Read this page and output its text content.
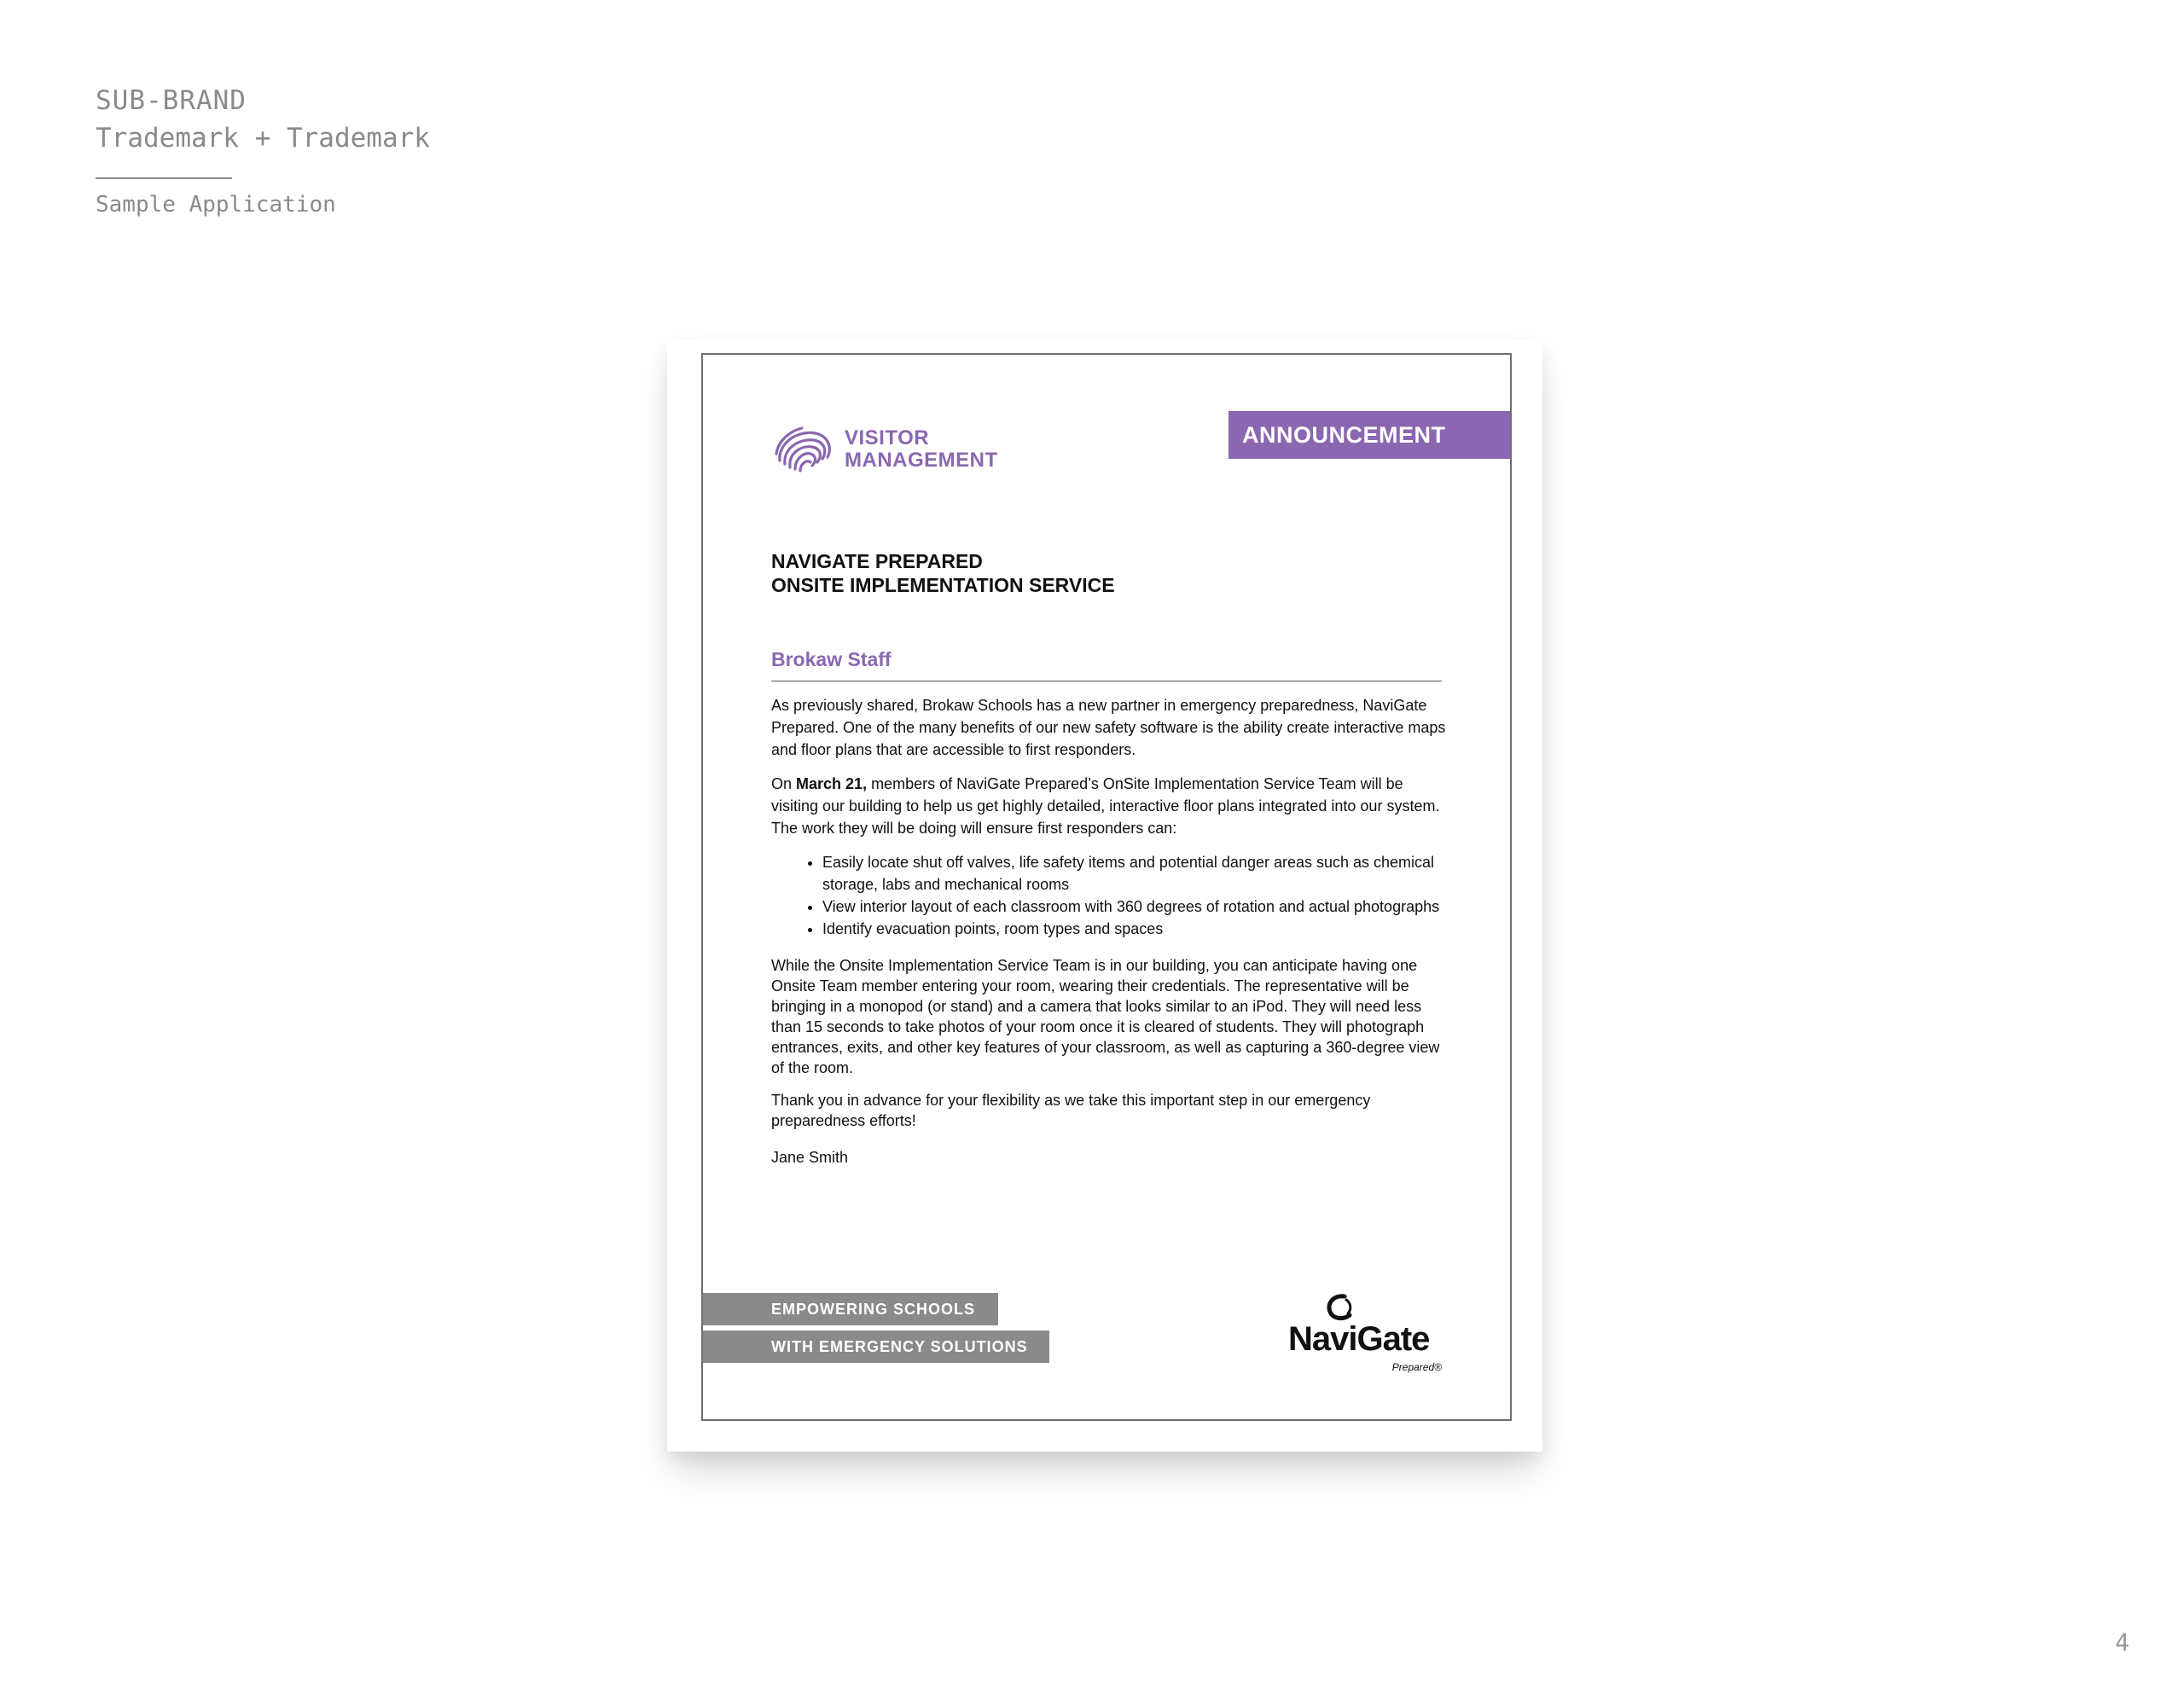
SUB-BRAND
Trademark + Trademark
Sample Application
VISITOR
MANAGEMENT
ANNOUNCEMENT
NAVIGATE PREPARED
ONSITE IMPLEMENTATION SERVICE
Brokaw Staff

As previously shared, Brokaw Schools has a new partner in emergency preparedness, NaviGate Prepared. One of the many benefits of our new safety software is the ability create interactive maps and floor plans that are accessible to first responders.

On March 21, members of NaviGate Prepared’s OnSite Implementation Service Team will be visiting our building to help us get highly detailed, interactive floor plans integrated into our system. The work they will be doing will ensure first responders can:

• Easily locate shut off valves, life safety items and potential danger areas such as chemical storage, labs and mechanical rooms
• View interior layout of each classroom with 360 degrees of rotation and actual photographs
• Identify evacuation points, room types and spaces

While the Onsite Implementation Service Team is in our building, you can anticipate having one Onsite Team member entering your room, wearing their credentials. The representative will be bringing in a monopod (or stand) and a camera that looks similar to an iPod. They will need less than 15 seconds to take photos of your room once it is cleared of students. They will photograph entrances, exits, and other key features of your classroom, as well as capturing a 360-degree view of the room.

Thank you in advance for your flexibility as we take this important step in our emergency preparedness efforts!

Jane Smith

EMPOWERING SCHOOLS
WITH EMERGENCY SOLUTIONS	NaviGate
Prepared®
4
